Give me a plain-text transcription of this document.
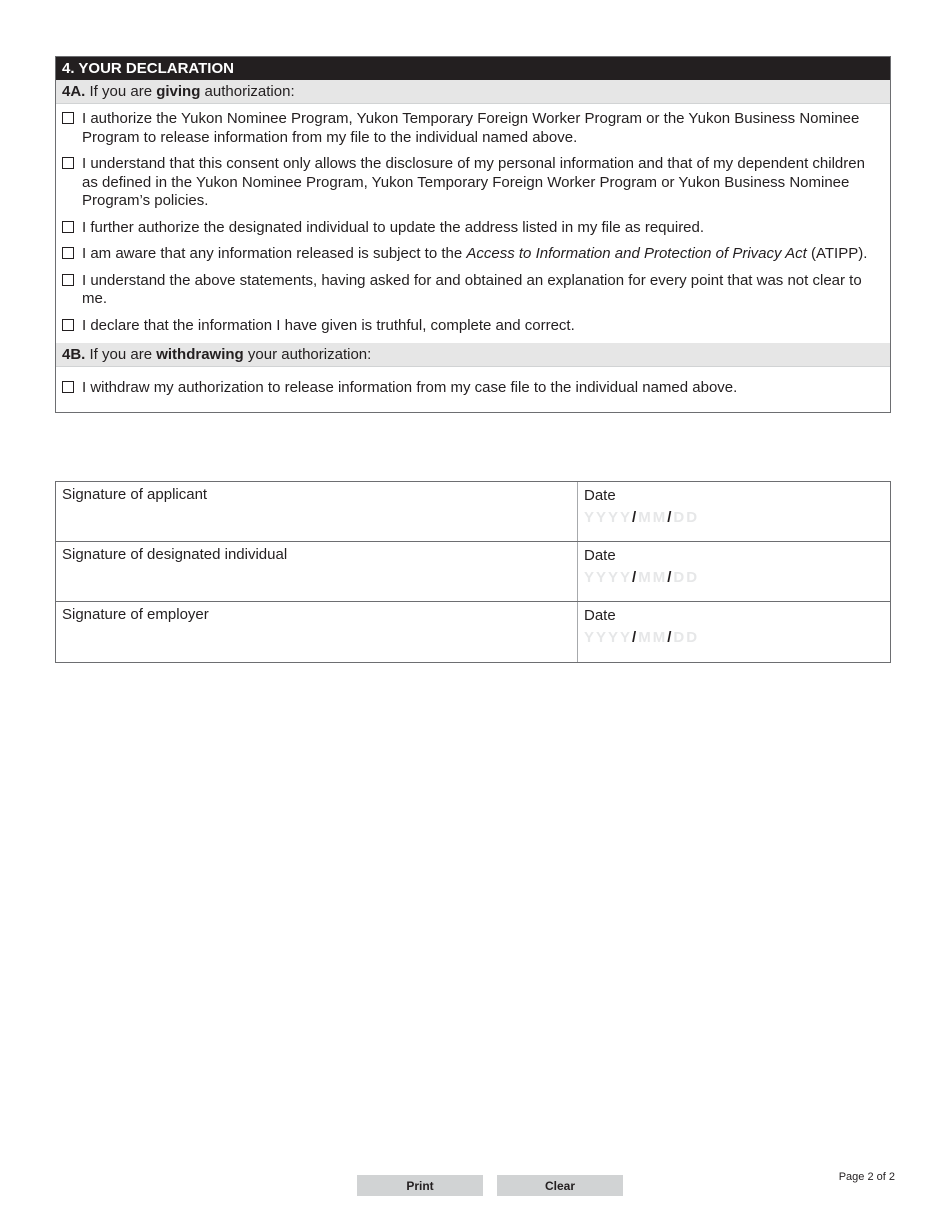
4. YOUR DECLARATION
4A. If you are giving authorization:
I authorize the Yukon Nominee Program, Yukon Temporary Foreign Worker Program or the Yukon Business Nominee Program to release information from my file to the individual named above.
I understand that this consent only allows the disclosure of my personal information and that of my dependent children as defined in the Yukon Nominee Program, Yukon Temporary Foreign Worker Program or Yukon Business Nominee Program’s policies.
I further authorize the designated individual to update the address listed in my file as required.
I am aware that any information released is subject to the Access to Information and Protection of Privacy Act (ATIPP).
I understand the above statements, having asked for and obtained an explanation for every point that was not clear to me.
I declare that the information I have given is truthful, complete and correct.
4B. If you are withdrawing your authorization:
I withdraw my authorization to release information from my case file to the individual named above.
Signature of applicant	Date
YYYY/MM/DD
Signature of designated individual	Date
YYYY/MM/DD
Signature of employer	Date
YYYY/MM/DD
Print	Clear
Page 2 of 2
